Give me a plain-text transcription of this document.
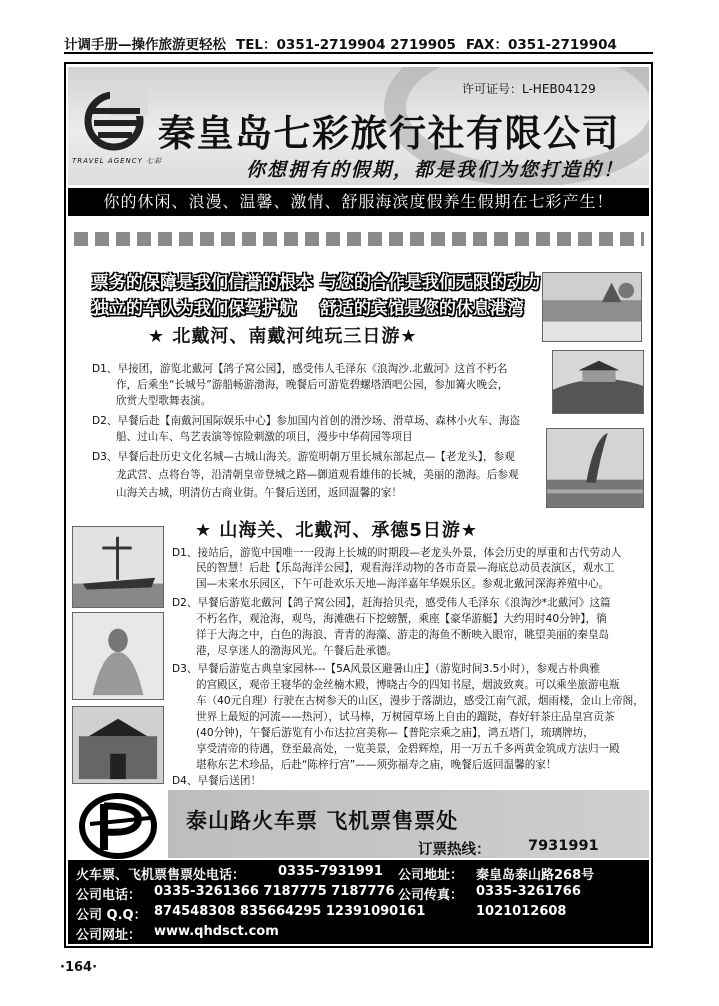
计调手册—操作旅游更轻松 TEL：0351-2719904 2719905 FAX：0351-2719904
TRAVEL AGENCY 七彩
许可证号：L-HEB04129
秦皇岛七彩旅行社有限公司
你想拥有的假期，都是我们为您打造的！
你的休闲、浪漫、温馨、激情、舒服海滨度假养生假期在七彩产生！
票务的保障是我们信誉的根本 与您的合作是我们无限的动力
独立的车队为我们保驾护航 舒适的宾馆是您的休息港湾
★ 北戴河、南戴河纯玩三日游★
D1、早接团，游览北戴河【鸽子窝公园】，感受伟人毛泽东《浪淘沙.北戴河》这首不朽名
作，后乘坐“长城号”游船畅游渤海，晚餐后可游览碧螺塔酒吧公园，参加篝火晚会，
欣赏大型歌舞表演。
D2、早餐后赴【南戴河国际娱乐中心】参加国内首创的滑沙场、滑草场、森林小火车、海盗
船、过山车、鸟艺表演等惊险刺激的项目，漫步中华荷园等项目
D3、早餐后赴历史文化名城—古城山海关。游览明朝万里长城东部起点—【老龙头】，参观
龙武营、点将台等，沿清朝皇帝登城之路—御道观看雄伟的长城，美丽的渤海。后参观
山海关古城，明清仿古商业街。午餐后送团，返回温馨的家！
★ 山海关、北戴河、承德5日游★
D1、接站后，游览中国唯一一段海上长城的时期段—老龙头外景，体会历史的厚重和古代劳动人
民的智慧！后赴【乐岛海洋公园】，观看海洋动物的各市奇景—海底总动员表演区，观水工
国—未来水乐园区，下午可赴欢乐天地—海洋嘉年华娱乐区。参观北戴河深海养殖中心。
D2、早餐后游览北戴河【鸽子窝公园】，赶海拾贝壳，感受伟人毛泽东《浪淘沙*北戴河》这篇
不朽名作，观沧海，观鸟，海滩礁石下挖螃蟹，乘座【豪华游艇】大约用时40分钟】，徜
徉于大海之中，白色的海浪、青青的海藻、游走的海鱼不断映入眼帘，眺望美丽的秦皇岛
港，尽享迷人的渤海风光。午餐后赴承德。
D3、早餐后游览古典皇家园林---【5A风景区避暑山庄】（游览时间3.5小时），参观古朴典雅
的宫殿区，观帝王寝华的金丝楠木殿，博晓古今的四知书屋，烟波致爽。可以乘坐旅游电瓶
车（40元自理）行驶在古树参天的山区，漫步于落湖边，感受江南气派，烟雨楼，金山上帝阁，
世界上最短的河流——热河），试马棒，万树园草场上自由的蹓跶，春好轩茶庄品皇宫贡茶
(40分钟)，午餐后游览有小布达拉宫美称—【普陀宗乘之庙】，鸿五塔门，琉璃牌坊，
享受清帝的待遇，登至最高处，一览美景，金碧辉煌，用一万五千多两黄金筑成方法归一殿
堪称东艺术珍品，后赴“陈梓行宫”——须弥福寿之庙，晚餐后返回温馨的家！
D4、早餐后送团！
泰山路火车票 飞机票售票处
订票热线：	7931991
火车票、飞机票售票处电话：	0335-7931991 公司地址： 秦皇岛泰山路268号
公司电话： 0335-3261366 7187775 7187776 公司传真： 0335-3261766
公司 Q.Q： 874548308 835664295 12391090161	1021012608
公司网址： www.qhdsct.com
·164·
